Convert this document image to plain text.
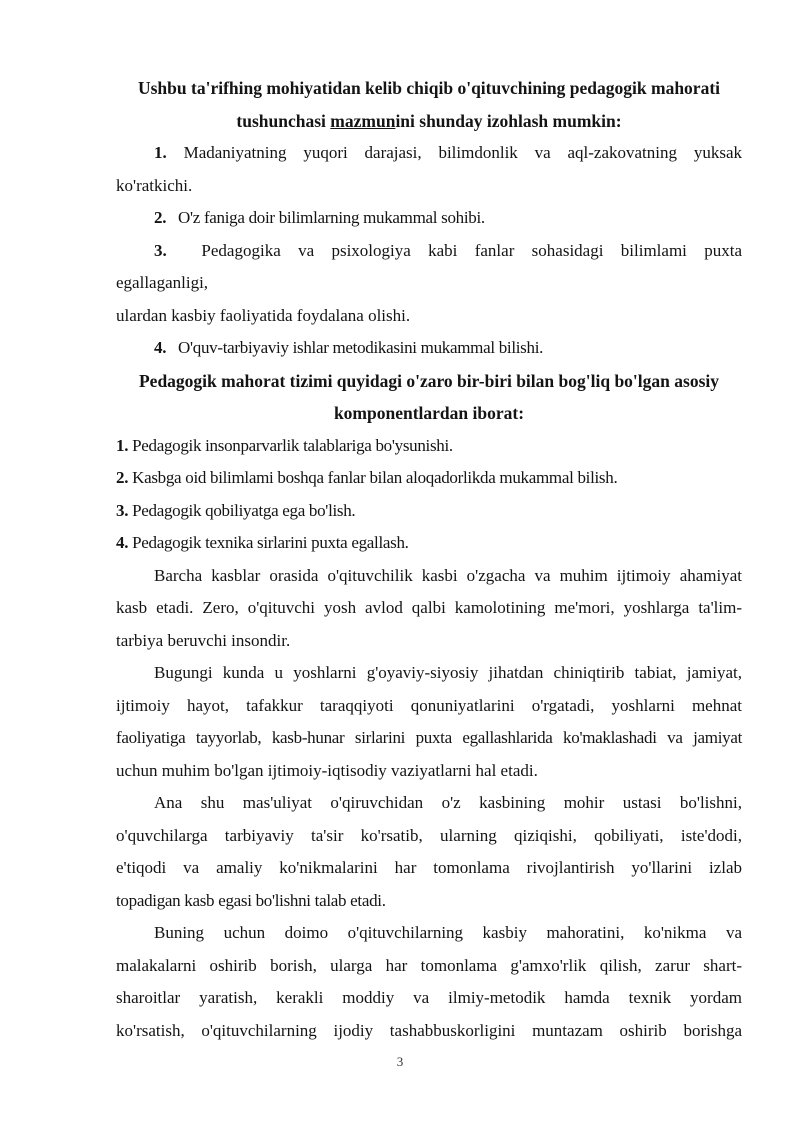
Ushbu ta'rifhing mohiyatidan kelib chiqib o'qituvchining pedagogik mahorati
tushunchasi mazmunini shunday izohlash mumkin:
1. Madaniyatning yuqori darajasi, bilimdonlik va aql-zakovatning yuksak
ko'ratkichi.
2. O'z faniga doir bilimlarning mukammal sohibi.
3. Pedagogika va psixologiya kabi fanlar sohasidagi bilimlami puxta
egallaganligi,
ulardan kasbiy faoliyatida foydalana olishi.
4. O'quv-tarbiyaviy ishlar metodikasini mukammal bilishi.
Pedagogik mahorat tizimi quyidagi o'zaro bir-biri bilan bog'liq bo'lgan asosiy
komponentlardan iborat:
1. Pedagogik insonparvarlik talablariga bo'ysunishi.
2. Kasbga oid bilimlami boshqa fanlar bilan aloqadorlikda mukammal bilish.
3. Pedagogik qobiliyatga ega bo'lish.
4. Pedagogik texnika sirlarini puxta egallash.
Barcha kasblar orasida o'qituvchilik kasbi o'zgacha va muhim ijtimoiy ahamiyat
kasb etadi. Zero, o'qituvchi yosh avlod qalbi kamolotining me'mori, yoshlarga ta'lim-
tarbiya beruvchi insondir.
Bugungi kunda u yoshlarni g'oyaviy-siyosiy jihatdan chiniqtirib tabiat, jamiyat,
ijtimoiy hayot, tafakkur taraqqiyoti qonuniyatlarini o'rgatadi, yoshlarni mehnat
faoliyatiga tayyorlab, kasb-hunar sirlarini puxta egallashlarida ko'maklashadi va jamiyat
uchun muhim bo'lgan ijtimoiy-iqtisodiy vaziyatlarni hal etadi.
Ana shu mas'uliyat o'qiruvchidan o'z kasbining mohir ustasi bo'lishni,
o'quvchilarga tarbiyaviy ta'sir ko'rsatib, ularning qiziqishi, qobiliyati, iste'dodi,
e'tiqodi va amaliy ko'nikmalarini har tomonlama rivojlantirish yo'llarini izlab
topadigan kasb egasi bo'lishni talab etadi.
Buning uchun doimo o'qituvchilarning kasbiy mahoratini, ko'nikma va
malakalarni oshirib borish, ularga har tomonlama g'amxo'rlik qilish, zarur shart-
sharoitlar yaratish, kerakli moddiy va ilmiy-metodik hamda texnik yordam
ko'rsatish, o'qituvchilarning ijodiy tashabbuskorligini muntazam oshirib borishga
3
